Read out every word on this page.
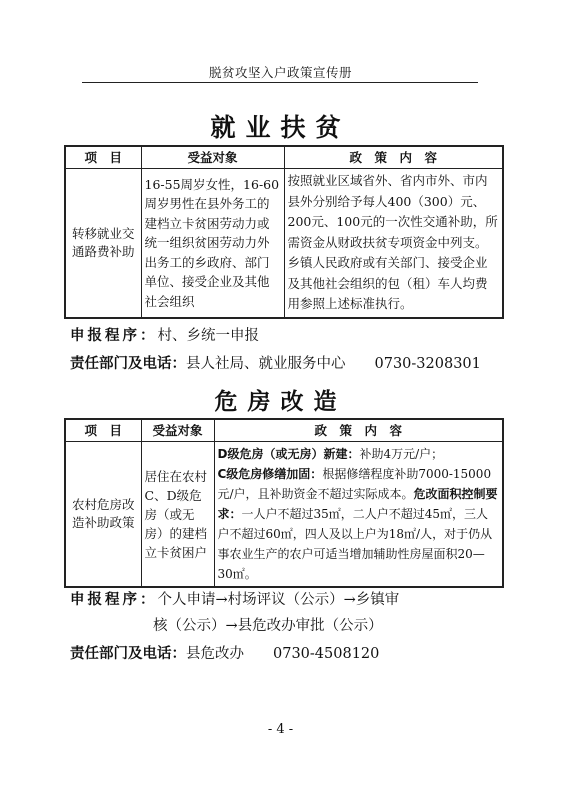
脱贫攻坚入户政策宣传册
就业扶贫
项　目	受益对象	政　策　内　容
转移就业交通路费补助	16-55周岁女性，16-60周岁男性在县外务工的建档立卡贫困劳动力或统一组织贫困劳动力外出务工的乡政府、部门单位、接受企业及其他社会组织	按照就业区域省外、省内市外、市内县外分别给予每人400（300）元、200元、100元的一次性交通补助，所需资金从财政扶贫专项资金中列支。乡镇人民政府或有关部门、接受企业及其他社会组织的包（租）车人均费用参照上述标准执行。
申报程序：村、乡统一申报
责任部门及电话：县人社局、就业服务中心　　0730-3208301
危房改造
项　目	受益对象	政　策　内　容
农村危房改造补助政策	居住在农村C、D级危房（或无房）的建档立卡贫困户	D级危房（或无房）新建：补助4万元/户；
C级危房修缮加固：根据修缮程度补助7000-15000元/户，且补助资金不超过实际成本。危改面积控制要求：一人户不超过35㎡，二人户不超过45㎡，三人户不超过60㎡，四人及以上户为18㎡/人，对于仍从事农业生产的农户可适当增加辅助性房屋面积20—30㎡。
申报程序：个人申请→村场评议（公示）→乡镇审
核（公示）→县危改办审批（公示）
责任部门及电话：县危改办　　0730-4508120
- 4 -
